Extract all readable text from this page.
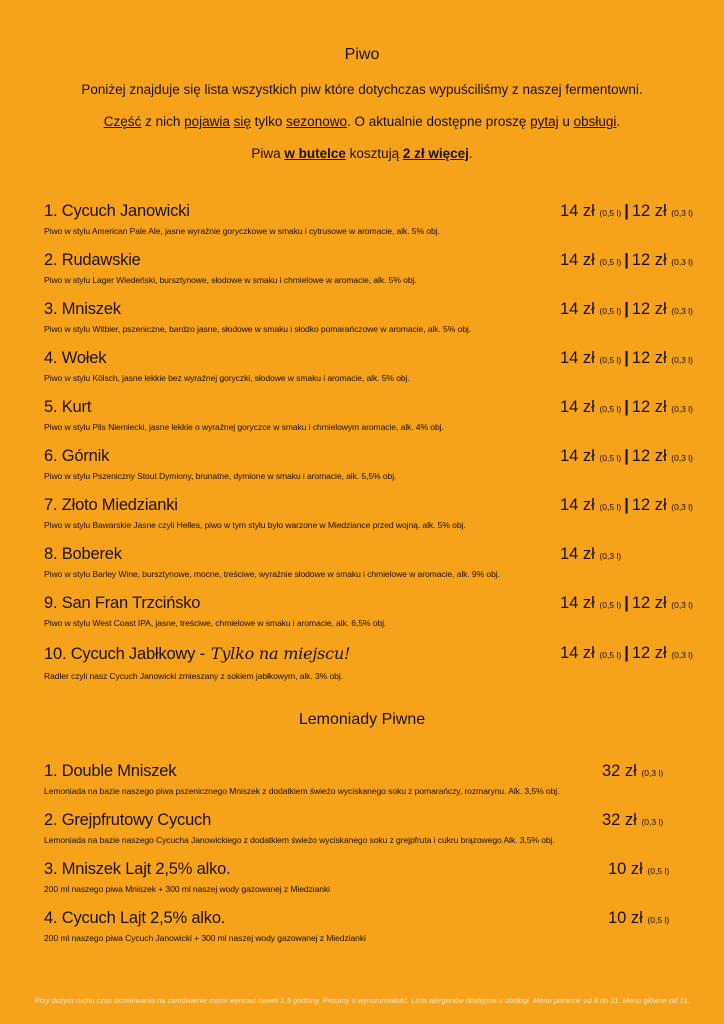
Piwo
Poniżej znajduje się lista wszystkich piw które dotychczas wypuściliśmy z naszej fermentowni.
Część z nich pojawia się tylko sezonowo. O aktualnie dostępne proszę pytaj u obsługi.
Piwa w butelce kosztują 2 zł więcej.
1. Cycuch Janowicki
Piwo w stylu American Pale Ale, jasne wyraźnie goryczkowe w smaku i cytrusowe w aromacie, alk. 5% obj.
14 zł (0,5 l) | 12 zł (0,3 l)
2. Rudawskie
Piwo w stylu Lager Wiedeński, bursztynowe, słodowe w smaku i chmielowe w aromacie, alk. 5% obj.
14 zł (0,5 l) | 12 zł (0,3 l)
3. Mniszek
Piwo w stylu Witbier, pszeniczne, bardzo jasne, słodowe w smaku i słodko pomarańczowe w aromacie, alk. 5% obj.
14 zł (0,5 l) | 12 zł (0,3 l)
4. Wołek
Piwo w stylu Kölsch, jasne lekkie bez wyraźnej goryczki, słodowe w smaku i aromacie, alk. 5% obj.
14 zł (0,5 l) | 12 zł (0,3 l)
5. Kurt
Piwo w stylu Pils Niemiecki, jasne lekkie o wyraźnej goryczce w smaku i chmielowym aromacie, alk. 4% obj.
14 zł (0,5 l) | 12 zł (0,3 l)
6. Górnik
Piwo w stylu Pszeniczny Stout Dymiony, brunatne, dymione w smaku i aromacie, alk. 5,5% obj.
14 zł (0,5 l) | 12 zł (0,3 l)
7. Złoto Miedzianki
Piwo w stylu Bawarskie Jasne czyli Helles, piwo w tym stylu było warzone w Miedziance przed wojną. alk. 5% obj.
14 zł (0,5 l) | 12 zł (0,3 l)
8. Boberek
Piwo w stylu Barley Wine, bursztynowe, mocne, treściwe, wyraźnie słodowe w smaku i chmielowe w aromacie, alk. 9% obj.
14 zł (0,3 l)
9. San Fran Trzcińsko
Piwo w stylu West Coast IPA, jasne, treściwe, chmielowe w smaku i aromacie, alk. 6,5% obj.
14 zł (0,5 l) | 12 zł (0,3 l)
10. Cycuch Jabłkowy - Tylko na miejscu!
Radler czyli nasz Cycuch Janowicki zmieszany z sokiem jabłkowym, alk. 3% obj.
14 zł (0,5 l) | 12 zł (0,3 l)
Lemoniady Piwne
1. Double Mniszek
Lemoniada na bazie naszego piwa pszenicznego Mniszek z dodatkiem świeżo wyciskanego soku z pomarańczy, rozmarynu. Alk. 3,5% obj.
32 zł (0,3 l)
2. Grejpfrutowy Cycuch
Lemoniada na bazie naszego Cycucha Janowickiego z dodatkiem świeżo wyciskanego soku z grejpfruta i cukru brązowego Alk. 3,5% obj.
32 zł (0,3 l)
3. Mniszek Lajt 2,5% alko.
200 ml naszego piwa Mniszek + 300 ml naszej wody gazowanej z Miedzianki
10 zł (0,5 l)
4. Cycuch Lajt 2,5% alko.
200 ml naszego piwa Cycuch Janowicki + 300 ml naszej wody gazowanej z Miedzianki
10 zł (0,5 l)
Przy dużym ruchu czas oczekiwania na zamówienie może wynosić nawet 1,5 godziny. Prosimy o wyrozumiałość. Lista alergenów dostępna u obsługi. Menu poranne od 8 do 11. Menu główne od 11.
